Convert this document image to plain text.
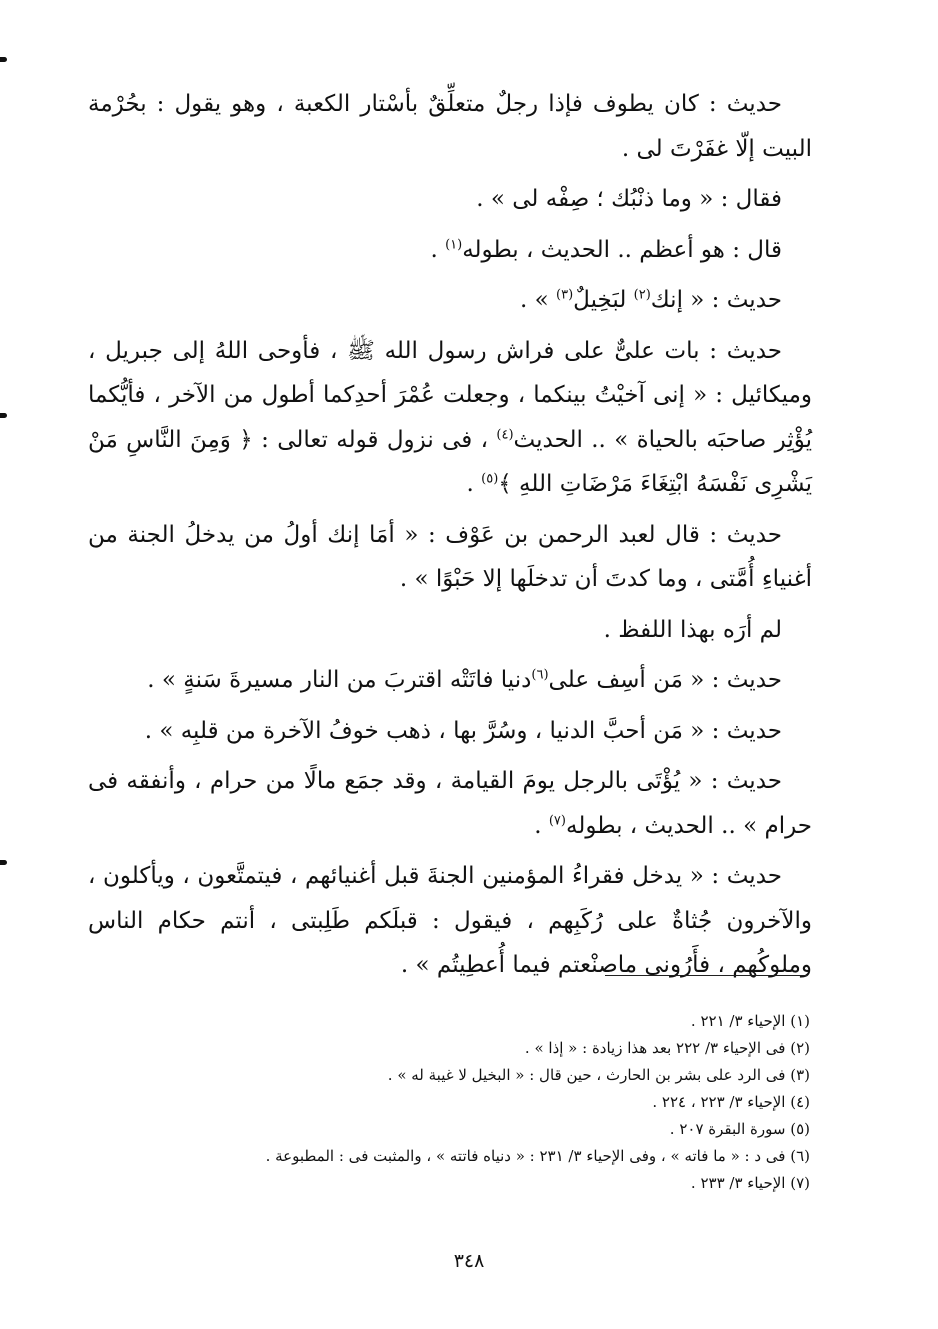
حديث : كان يطوف فإذا رجلٌ متعلِّقٌ بأسْتار الكعبة ، وهو يقول : بحُرْمة البيت إلّا غفَرْتَ لى .

فقال : « وما ذنْبُك ؛ صِفْه لى » .

قال : هو أعظم .. الحديث ، بطوله$^{(١)}$ .

حديث : « إنك$^{(٢)}$ لبَخِيلٌ$^{(٣)}$ » .

حديث : بات علىٌّ على فراش رسول الله ﷺ ، فأوحى اللهُ إلى جبريل ، وميكائيل : « إنى آخيْتُ بينكما ، وجعلت عُمْرَ أحدِكما أطول من الآخر ، فأيُّكما يُؤْثِر صاحبَه بالحياة » .. الحديث$^{(٤)}$ ، فى نزول قوله تعالى : ﴿ وَمِنَ النَّاسِ مَنْ يَشْرِى نَفْسَهُ ابْتِغَاءَ مَرْضَاتِ اللهِ ﴾$^{(٥)}$ .

حديث : قال لعبد الرحمن بن عَوْف : « أمَا إنك أولُ من يدخلُ الجنة من أغنياءِ أُمَّتى ، وما كدتَ أن تدخلَها إلا حَبْوًا » .

لم أرَه بهذا اللفظ .

حديث : « مَن أسِف على$^{(٦)}$دنيا فاتَتْه اقتربَ من النار مسيرةَ سَنةٍ » .

حديث : « مَن أحبَّ الدنيا ، وسُرَّ بها ، ذهب خوفُ الآخرة من قلبِه » .

حديث : « يُؤْتَى بالرجل يومَ القيامة ، وقد جمَع مالًا من حرام ، وأنفقه فى حرام » .. الحديث ، بطوله$^{(٧)}$ .

حديث : « يدخل فقراءُ المؤمنين الجنةَ قبل أغنيائهم ، فيتمتَّعون ، ويأكلون ، والآخرون جُثاةٌ على رُكَبِهم ، فيقول : قبلَكم طَلِبتى ، أنتم حكام الناس وملوكُهم ، فأَرُونى ماصنْعتم فيما أُعطِيتُم » .

(١) الإحياء ٣/ ٢٢١ .

(٢) فى الإحياء ٣/ ٢٢٢ بعد هذا زيادة : « إذا » .

(٣) فى الرد على بشر بن الحارث ، حين قال : « البخيل لا غيبة له » .

(٤) الإحياء ٣/ ٢٢٣ ، ٢٢٤ .

(٥) سورة البقرة ٢٠٧ .

(٦) فى د : « ما فاته » ، وفى الإحياء ٣/ ٢٣١ : « دنياه فاتته » ، والمثبت فى : المطبوعة .

(٧) الإحياء ٣/ ٢٣٣ .

٣٤٨
